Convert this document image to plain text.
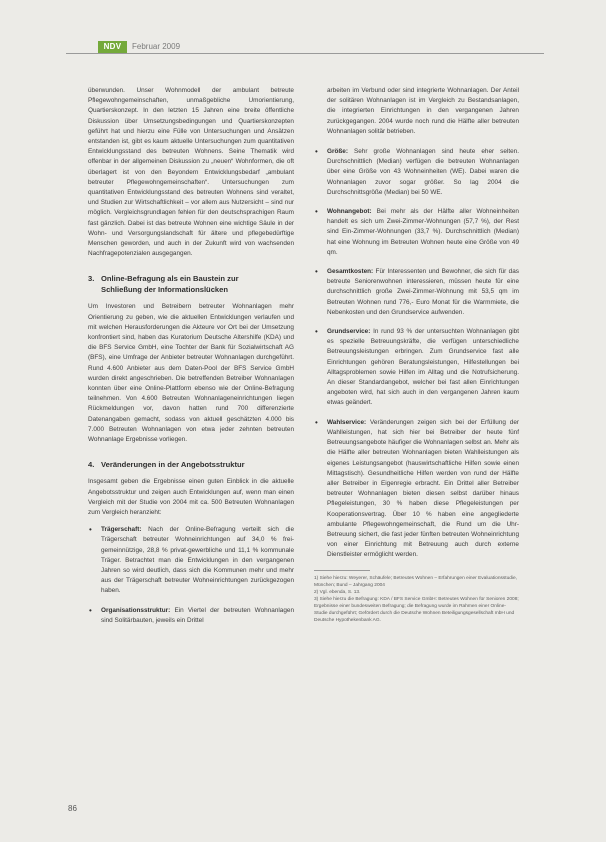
NDV	Februar 2009

überwunden. Unser Wohnmodell der ambulant betreute Pflegewohngemeinschaften, unmaßgebliche Umorientierung, Quartierskonzept. In den letzten 15 Jahren eine breite öffentliche Diskussion über Umsetzungsbedingungen und Quartierskonzepten geführt hat und hierzu eine Fülle von Untersuchungen und Ansätzen entstanden ist, gibt es kaum aktuelle Untersuchungen zum quantitativen Entwicklungsstand des betreuten Wohnens. Seine Thematik wird offenbar in der allgemeinen Diskussion zu „neuen“ Wohnformen, die oft überlagert ist von den Beyondern Entwicklungsbedarf „ambulant betreuter Pflegewohngemeinschaften“. Untersuchungen zum quantitativen Entwicklungsstand des betreuten Wohnens sind veraltet, und Studien zur Wirtschaftlichkeit – vor allem aus Nutzersicht – sind nur möglich. Vergleichsgrundlagen fehlen für den deutschsprachigen Raum fast gänzlich. Dabei ist das betreute Wohnen eine wichtige Säule in der Wohn- und Versorgungslandschaft für ältere und pflegebedürftige Menschen geworden, und auch in der Zukunft wird von wachsenden Nachfragepotenzialen ausgegangen.

3. Online-Befragung als ein Baustein zur
Schließung der Informationslücken

Um Investoren und Betreibern betreuter Wohnanlagen mehr Orientierung zu geben, wie die aktuellen Entwicklungen verlaufen und mit welchen Herausforderungen die Akteure vor Ort bei der Umsetzung konfrontiert sind, haben das Kuratorium Deutsche Altershilfe (KDA) und die BFS Service GmbH, eine Tochter der Bank für Sozialwirtschaft AG (BFS), eine Umfrage der Anbieter betreuter Wohnanlagen durchgeführt. Rund 4.600 Anbieter aus dem Daten-Pool der BFS Service GmbH wurden direkt angeschrieben. Die betreffenden Betreiber Wohnanlagen konnten über eine Online-Plattform ebenso wie der Online-Befragung teilnehmen. Von 4.600 Betreuten Wohnanlageneinrichtungen liegen Rückmeldungen vor, davon hatten rund 700 differenzierte Datenangaben gemacht, sodass von aktuell geschätzten 4.000 bis 7.000 Betreuten Wohnanlagen von etwa jeder zehnten betreuten Wohnanlage Ergebnisse vorliegen.

4. Veränderungen in der Angebotsstruktur

Insgesamt geben die Ergebnisse einen guten Einblick in die aktuelle Angebotsstruktur und zeigen auch Entwicklungen auf, wenn man einen Vergleich mit der Studie von 2004 mit ca. 500 Betreuten Wohnanlagen zum Vergleich heranzieht:

• Trägerschaft: Nach der Online-Befragung verteilt sich die Trägerschaft betreuter Wohneinrichtungen auf 34,0 % frei-gemeinnützige, 28,8 % privat-gewerbliche und 11,1 % kommunale Träger. Betrachtet man die Entwicklungen in den vergangenen Jahren so wird deutlich, dass sich die Kommunen mehr und mehr aus der Trägerschaft betreuter Wohneinrichtungen zurückgezogen haben.
• Organisationsstruktur: Ein Viertel der betreuten Wohnanlagen sind Solitärbauten, jeweils ein Drittel

arbeiten im Verbund oder sind integrierte Wohnanlagen. Der Anteil der solitären Wohnanlagen ist im Vergleich zu Bestandsanlagen, die integrierten Einrichtungen in den vergangenen Jahren zurückgegangen. 2004 wurde noch rund die Hälfte aller betreuten Wohnanlagen solitär betrieben.

• Größe: Sehr große Wohnanlagen sind heute eher selten. Durchschnittlich (Median) verfügen die betreuten Wohnanlagen über eine Größe von 43 Wohneinheiten (WE). Dabei waren die Wohnanlagen zuvor sogar größer. So lag 2004 die Durchschnittsgröße (Median) bei 50 WE.
• Wohnangebot: Bei mehr als der Hälfte aller Wohneinheiten handelt es sich um Zwei-Zimmer-Wohnungen (57,7 %), der Rest sind Ein-Zimmer-Wohnungen (33,7 %). Durchschnittlich (Median) hat eine Wohnung im Betreuten Wohnen heute eine Größe von 49 qm.
• Gesamtkosten: Für Interessenten und Bewohner, die sich für das betreute Seniorenwohnen interessieren, müssen heute für eine durchschnittlich große Zwei-Zimmer-Wohnung mit 53,5 qm im Betreuten Wohnen rund 776,- Euro Monat für die Warmmiete, die Nebenkosten und den Grundservice aufwenden.
• Grundservice: In rund 93 % der untersuchten Wohnanlagen gibt es spezielle Betreuungskräfte, die verfügen unterschiedliche Betreuungsleistungen erbringen. Zum Grundservice fast alle Einrichtungen gehören Beratungsleistungen, Hilfestellungen bei Alltagsproblemen sowie Hilfen im Alltag und die Notrufsicherung. An dieser Standardangebot, welcher bei fast allen Einrichtungen angeboten wird, hat sich auch in den vergangenen Jahren kaum etwas geändert.
• Wahlservice: Veränderungen zeigen sich bei der Erfüllung der Wahlleistungen, hat sich hier bei Betreiber der heute fünf Betreuungsangebote häufiger die Wohnanlagen selbst an. Mehr als die Hälfte aller betreuten Wohnanlagen bieten Wahlleistungen als eigenes Leistungsangebot (hauswirtschaftliche Hilfen sowie einen Mittagstisch). Gesundheitliche Hilfen werden von rund der Hälfte aller Betreiber in Eigenregie erbracht. Ein Drittel aller Betreiber betreuter Wohnanlagen bieten diesen selbst darüber hinaus Pflegeleistungen, 30 % haben diese Pflegeleistungen per Kooperationsvertrag. Über 10 % haben eine angegliederte ambulante Pflegewohngemeinschaft, die Rund um die Uhr-Betreuung sichert, die fast jeder fünften betreuten Wohneinrichtung von einer Einrichtung mit Betreuung auch durch externe Dienstleister ermöglicht werden.

1) Siehe hierzu: Weyerer, Schäufele; Betreutes Wohnen – Erfahrungen einer Evaluationsstudie, München; Bund – Jahrgang 2004

2) Vgl. ebenda, S. 13.

3) Siehe hierzu die Befragung: KDA / BFS Service GmbH: Betreutes Wohnen für Senioren 2008; Ergebnisse einer bundesweiten Befragung; die Befragung wurde im Rahmen einer Online-Studie durchgeführt; Gefördert durch die Deutsche Wohnen Beteiligungsgesellschaft mbH und Deutsche Hypothekenbank AG.

86
